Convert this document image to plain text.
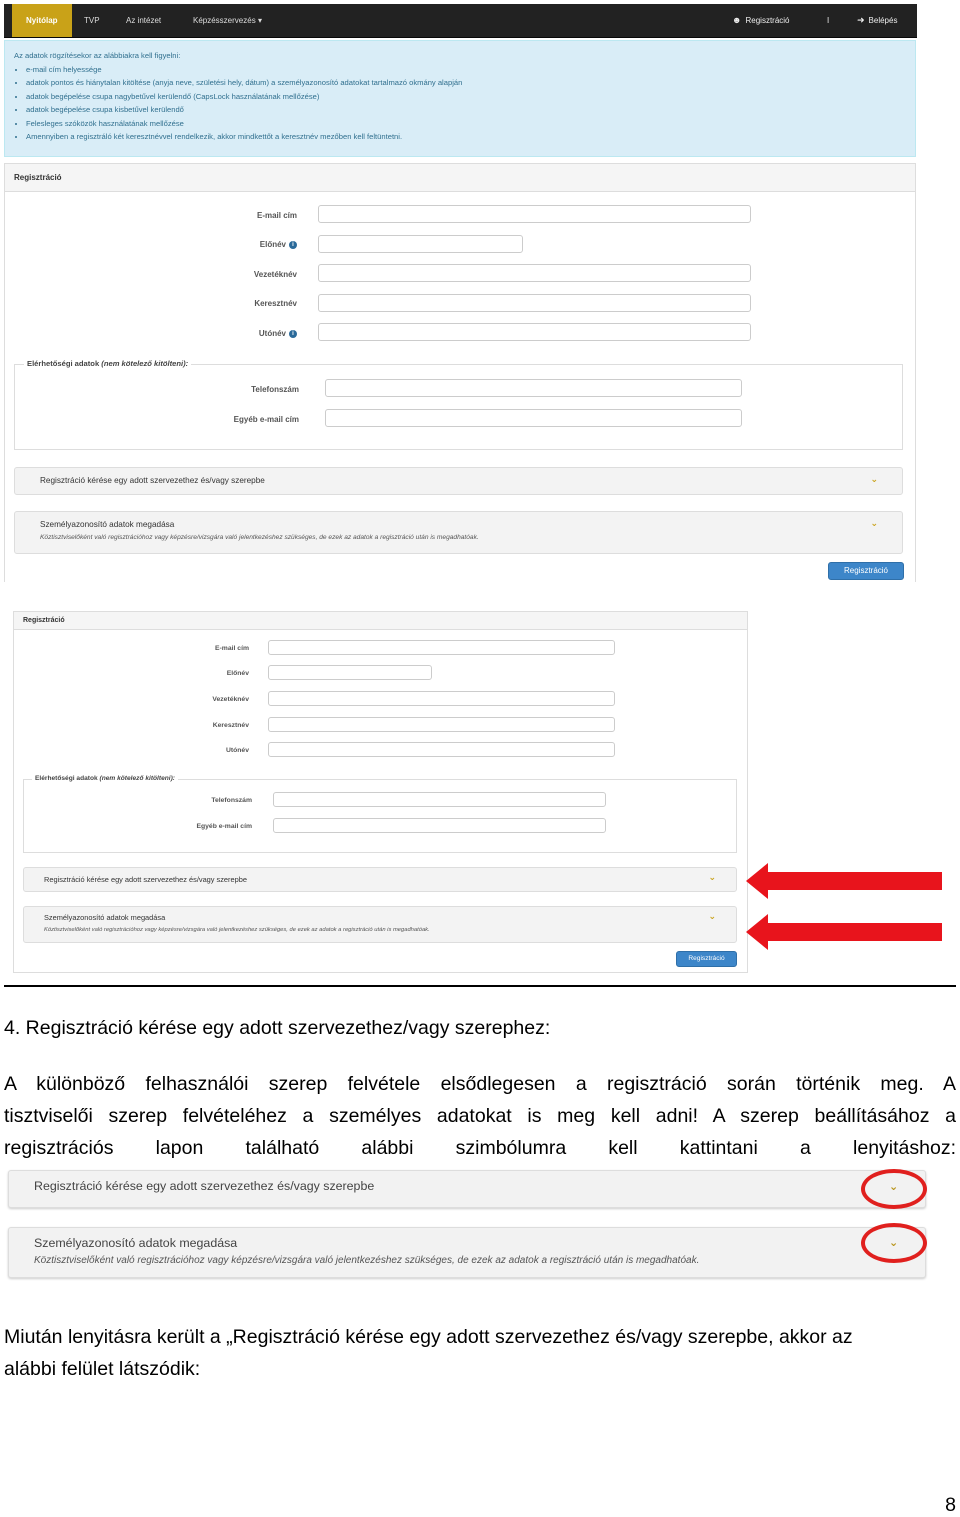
Nyitólap	TVP	Az intézet	Képzésszervezés ▾	☻ Regisztráció	I	➜ Belépés
Az adatok rögzítésekor az alábbiakra kell figyelni:
• e-mail cím helyessége
• adatok pontos és hiánytalan kitöltése (anyja neve, születési hely, dátum) a személyazonosító adatokat tartalmazó okmány alapján
• adatok begépelése csupa nagybetűvel kerülendő (CapsLock használatának mellőzése)
• adatok begépelése csupa kisbetűvel kerülendő
• Felesleges szóközök használatának mellőzése
• Amennyiben a regisztráló két keresztnévvel rendelkezik, akkor mindkettőt a keresztnév mezőben kell feltüntetni.
Regisztráció
E-mail cím
Előnév i
Vezetéknév
Keresztnév
Utónév i
Elérhetőségi adatok (nem kötelező kitölteni):
Telefonszám
Egyéb e-mail cím
Regisztráció kérése egy adott szervezethez és/vagy szerepbe	⌄
Személyazonosító adatok megadása
Köztisztviselőként való regisztrációhoz vagy képzésre/vizsgára való jelentkezéshez szükséges, de ezek az adatok a regisztráció után is megadhatóak.
⌄
Regisztráció
Regisztráció
E-mail cím
Előnév
Vezetéknév
Keresztnév
Utónév
Elérhetőségi adatok (nem kötelező kitölteni):
Telefonszám
Egyéb e-mail cím
Regisztráció kérése egy adott szervezethez és/vagy szerepbe	⌄
Személyazonosító adatok megadása
Köztisztviselőként való regisztrációhoz vagy képzésre/vizsgára való jelentkezéshez szükséges, de ezek az adatok a regisztráció után is megadhatóak.
⌄
Regisztráció
4. Regisztráció kérése egy adott szervezethez/vagy szerephez:
A különböző felhasználói szerep felvétele elsődlegesen a regisztráció során történik meg. A
tisztviselői szerep felvételéhez a személyes adatokat is meg kell adni! A szerep beállításához a
regisztrációs lapon található alábbi szimbólumra kell kattintani a lenyitáshoz:
Regisztráció kérése egy adott szervezethez és/vagy szerepbe	⌄
Személyazonosító adatok megadása
Köztisztviselőként való regisztrációhoz vagy képzésre/vizsgára való jelentkezéshez szükséges, de ezek az adatok a regisztráció után is megadhatóak.
⌄
Miután lenyitásra került a „Regisztráció kérése egy adott szervezethez és/vagy szerepbe, akkor az
alábbi felület látszódik:
8
